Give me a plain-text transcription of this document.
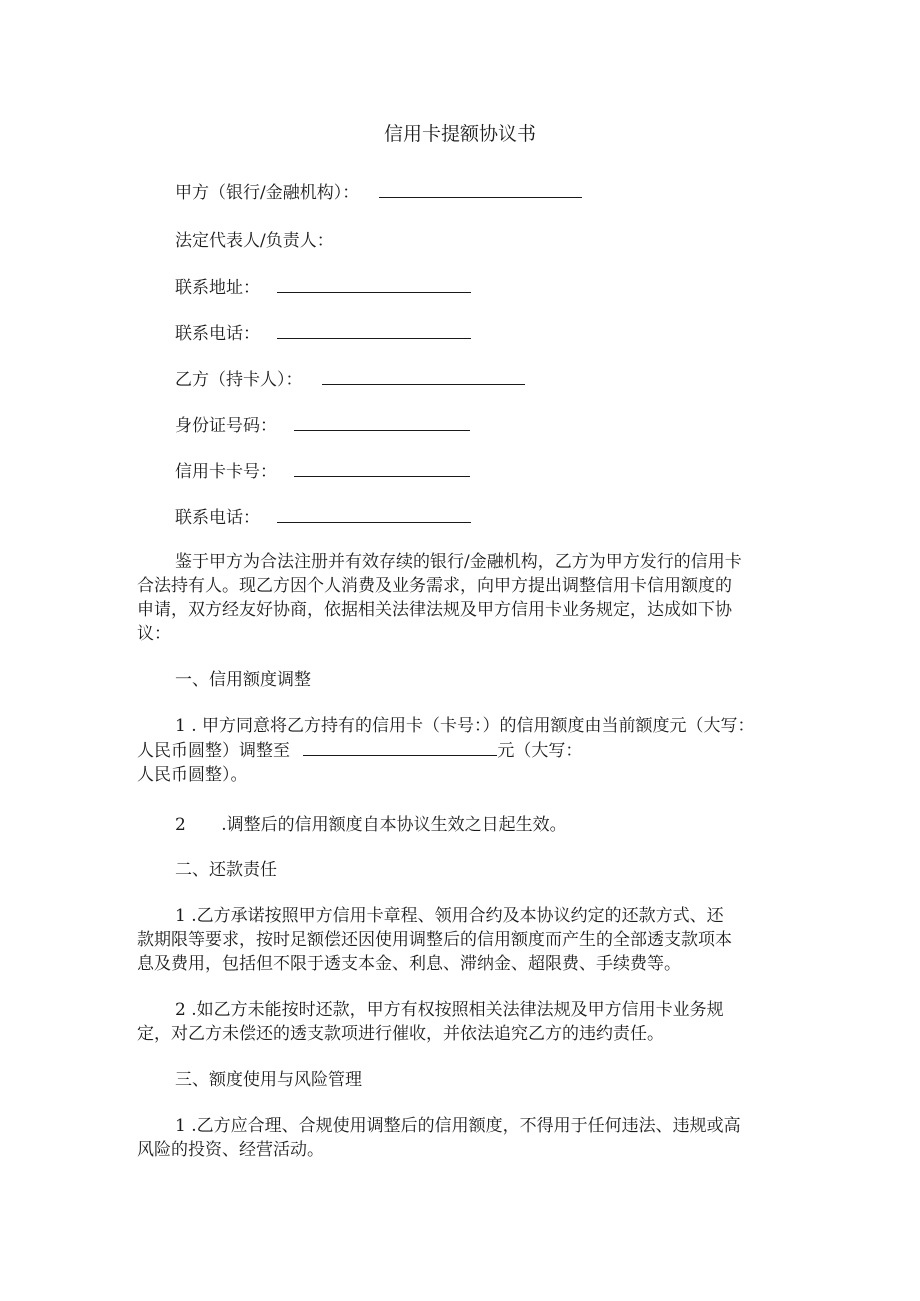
信用卡提额协议书
甲方（银行/金融机构）：
法定代表人/负责人：
联系地址：
联系电话：
乙方（持卡人）：
身份证号码：
信用卡卡号：
联系电话：
鉴于甲方为合法注册并有效存续的银行/金融机构，乙方为甲方发行的信用卡
合法持有人。现乙方因个人消费及业务需求，向甲方提出调整信用卡信用额度的
申请，双方经友好协商，依据相关法律法规及甲方信用卡业务规定，达成如下协
议：
一、信用额度调整
1 . 甲方同意将乙方持有的信用卡（卡号：）的信用额度由当前额度元（大写：
人民币圆整）调整至	元（大写：
人民币圆整）。
2 .调整后的信用额度自本协议生效之日起生效。
二、还款责任
1 .乙方承诺按照甲方信用卡章程、领用合约及本协议约定的还款方式、还
款期限等要求，按时足额偿还因使用调整后的信用额度而产生的全部透支款项本
息及费用，包括但不限于透支本金、利息、滞纳金、超限费、手续费等。
2 .如乙方未能按时还款，甲方有权按照相关法律法规及甲方信用卡业务规
定，对乙方未偿还的透支款项进行催收，并依法追究乙方的违约责任。
三、额度使用与风险管理
1 .乙方应合理、合规使用调整后的信用额度，不得用于任何违法、违规或高
风险的投资、经营活动。
